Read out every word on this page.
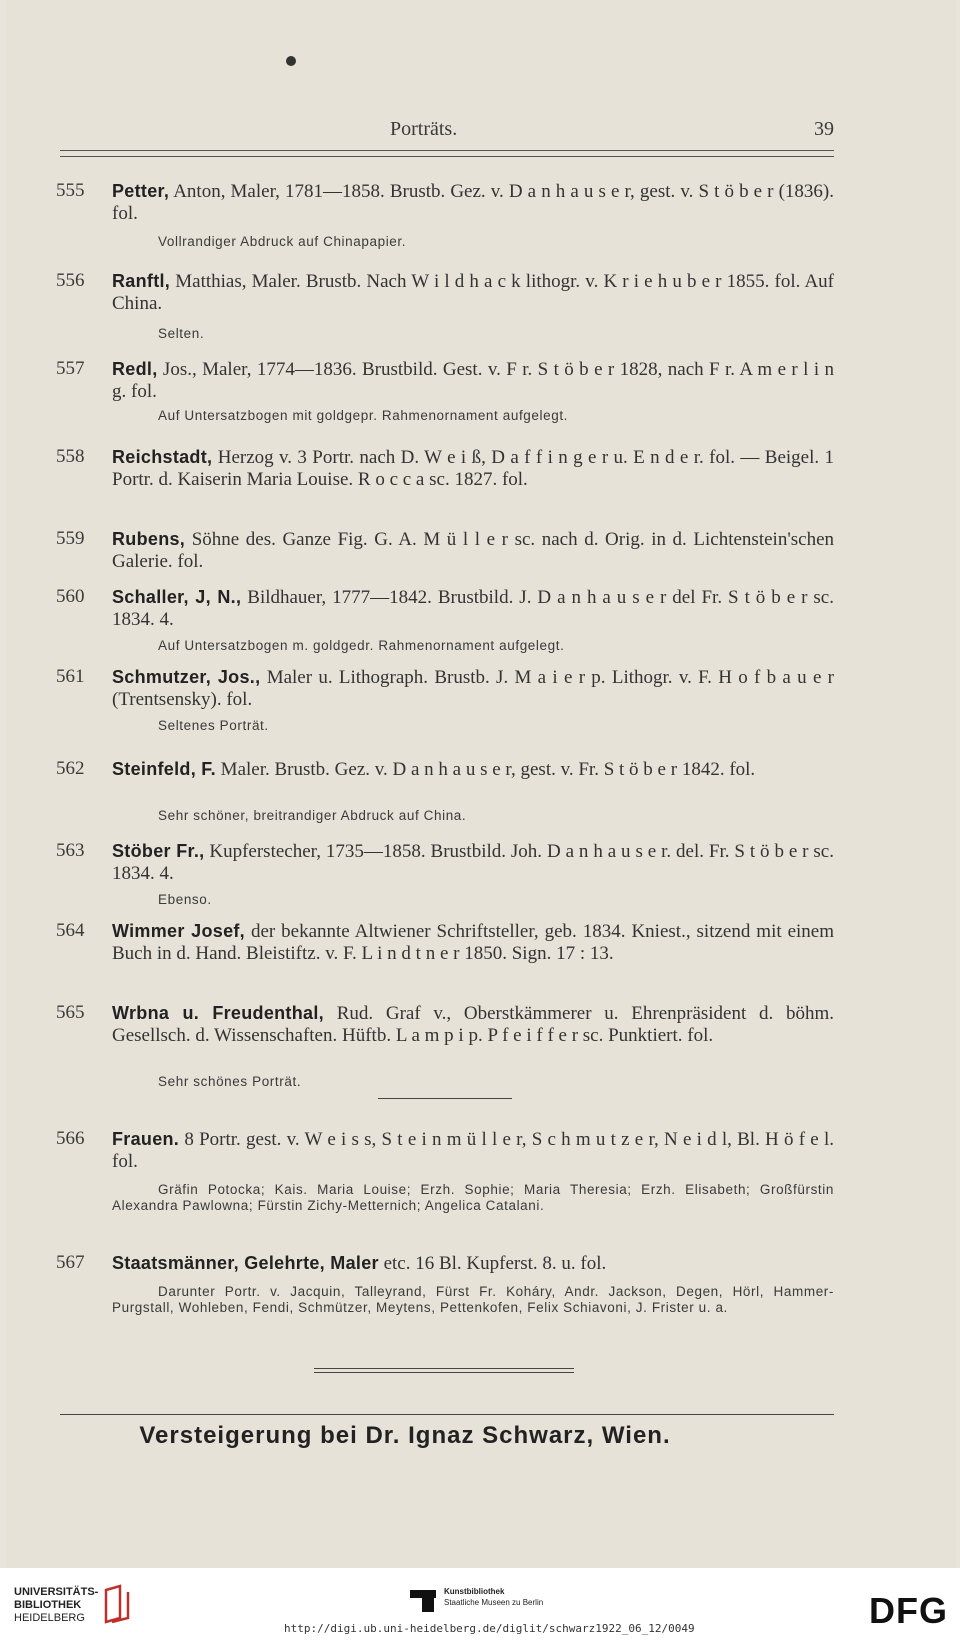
Porträts.	39
555 Petter, Anton, Maler, 1781—1858. Brustb. Gez. v. D a n h a u s e r, gest. v. S t ö b e r (1836). fol.
Vollrandiger Abdruck auf Chinapapier.
556 Ranftl, Matthias, Maler. Brustb. Nach W i l d h a c k lithogr. v. K r i e h u b e r 1855. fol. Auf China.
Selten.
557 Redl, Jos., Maler, 1774—1836. Brustbild. Gest. v. F r. S t ö b e r 1828, nach F r. A m e r l i n g. fol.
Auf Untersatzbogen mit goldgepr. Rahmenornament aufgelegt.
558 Reichstadt, Herzog v. 3 Portr. nach D. W e i ß, D a f f i n g e r u. E n d e r. fol. — Beigel. 1 Portr. d. Kaiserin Maria Louise. R o c c a sc. 1827. fol.
559 Rubens, Söhne des. Ganze Fig. G. A. M ü l l e r sc. nach d. Orig. in d. Lichtenstein'schen Galerie. fol.
560 Schaller, J, N., Bildhauer, 1777—1842. Brustbild. J. D a n h a u s e r del Fr. S t ö b e r sc. 1834. 4.
Auf Untersatzbogen m. goldgedr. Rahmenornament aufgelegt.
561 Schmutzer, Jos., Maler u. Lithograph. Brustb. J. M a i e r p. Lithogr. v. F. H o f b a u e r (Trentsensky). fol.
Seltenes Porträt.
562 Steinfeld, F. Maler. Brustb. Gez. v. D a n h a u s e r, gest. v. Fr. S t ö b e r 1842. fol.
Sehr schöner, breitrandiger Abdruck auf China.
563 Stöber Fr., Kupferstecher, 1735—1858. Brustbild. Joh. D a n h a u s e r. del. Fr. S t ö b e r sc. 1834. 4.
Ebenso.
564 Wimmer Josef, der bekannte Altwiener Schriftsteller, geb. 1834. Kniest., sitzend mit einem Buch in d. Hand. Bleistiftz. v. F. L i n d t n e r 1850. Sign. 17 : 13.
565 Wrbna u. Freudenthal, Rud. Graf v., Oberstkämmerer u. Ehrenpräsident d. böhm. Gesellsch. d. Wissenschaften. Hüftb. L a m p i p. P f e i f f e r sc. Punktiert. fol.
Sehr schönes Porträt.
566 Frauen. 8 Portr. gest. v. W e i s s, S t e i n m ü l l e r, S c h m u t z e r, N e i d l, Bl. H ö f e l. fol.
Gräfin Potocka; Kais. Maria Louise; Erzh. Sophie; Maria Theresia; Erzh. Elisabeth; Großfürstin Alexandra Pawlowna; Fürstin Zichy-Metternich; Angelica Catalani.
567 Staatsmänner, Gelehrte, Maler etc. 16 Bl. Kupferst. 8. u. fol.
Darunter Portr. v. Jacquin, Talleyrand, Fürst Fr. Koháry, Andr. Jackson, Degen, Hörl, Hammer-Purgstall, Wohleben, Fendi, Schmützer, Meytens, Pettenkofen, Felix Schiavoni, J. Frister u. a.
Versteigerung bei Dr. Ignaz Schwarz, Wien.
UNIVERSITÄTS-
BIBLIOTHEK
HEIDELBERG
Kunstbibliothek
Staatliche Museen zu Berlin	DFG
http://digi.ub.uni-heidelberg.de/diglit/schwarz1922_06_12/0049
